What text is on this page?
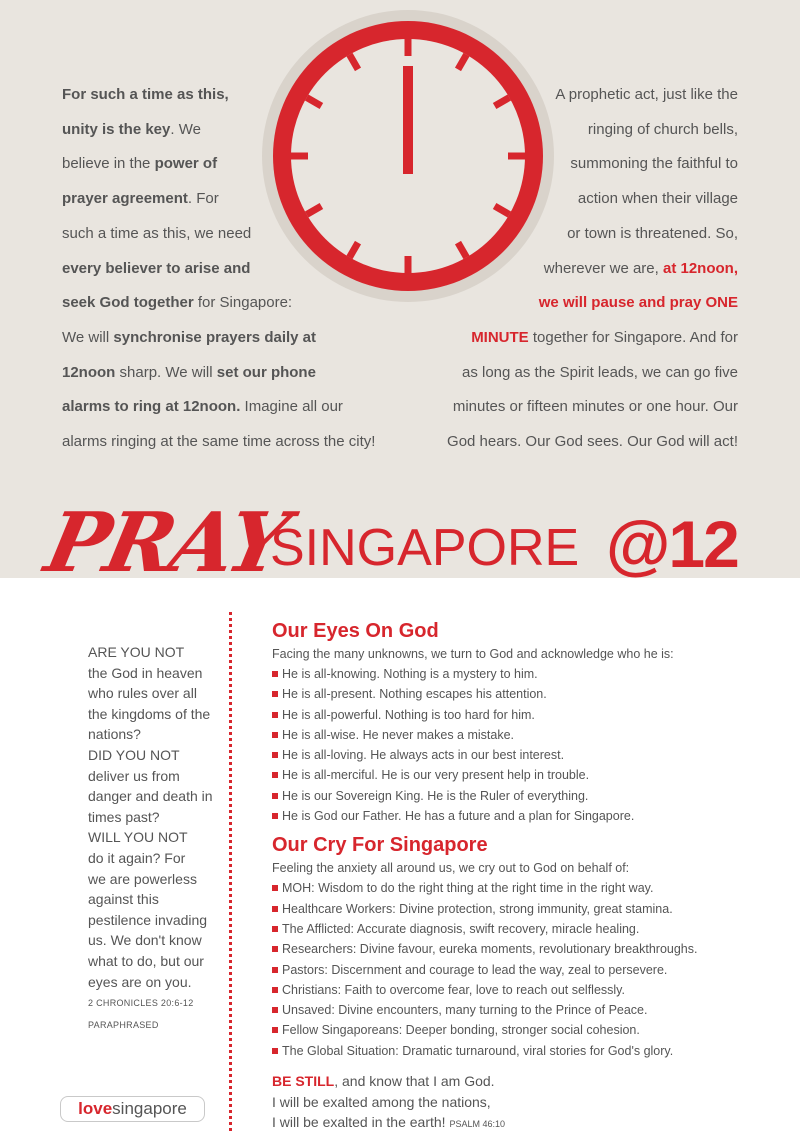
For such a time as this,
unity is the key. We
believe in the power of
prayer agreement. For
such a time as this, we need
every believer to arise and
seek God together for Singapore:
We will synchronise prayers daily at
12noon sharp. We will set our phone
alarms to ring at 12noon. Imagine all our
alarms ringing at the same time across the city!
A prophetic act, just like the
ringing of church bells,
summoning the faithful to
action when their village
or town is threatened. So,
wherever we are, at 12noon,
we will pause and pray ONE
MINUTE together for Singapore. And for
as long as the Spirit leads, we can go five
minutes or fifteen minutes or one hour. Our
God hears. Our God sees. Our God will act!
PRAY
SINGAPORE @12
ARE YOU NOT
the God in heaven
who rules over all
the kingdoms of the
nations?
DID YOU NOT
deliver us from
danger and death in
times past?
WILL YOU NOT
do it again? For
we are powerless
against this
pestilence invading
us. We don't know
what to do, but our
eyes are on you.
2 CHRONICLES 20:6-12
PARAPHRASED
lovesingapore
Our Eyes On God
Facing the many unknowns, we turn to God and acknowledge who he is:
He is all-knowing. Nothing is a mystery to him.
He is all-present. Nothing escapes his attention.
He is all-powerful. Nothing is too hard for him.
He is all-wise. He never makes a mistake.
He is all-loving. He always acts in our best interest.
He is all-merciful. He is our very present help in trouble.
He is our Sovereign King. He is the Ruler of everything.
He is God our Father. He has a future and a plan for Singapore.
Our Cry For Singapore
Feeling the anxiety all around us, we cry out to God on behalf of:
MOH: Wisdom to do the right thing at the right time in the right way.
Healthcare Workers: Divine protection, strong immunity, great stamina.
The Afflicted: Accurate diagnosis, swift recovery, miracle healing.
Researchers: Divine favour, eureka moments, revolutionary breakthroughs.
Pastors: Discernment and courage to lead the way, zeal to persevere.
Christians: Faith to overcome fear, love to reach out selflessly.
Unsaved: Divine encounters, many turning to the Prince of Peace.
Fellow Singaporeans: Deeper bonding, stronger social cohesion.
The Global Situation: Dramatic turnaround, viral stories for God's glory.
BE STILL, and know that I am God.
I will be exalted among the nations,
I will be exalted in the earth! PSALM 46:10
